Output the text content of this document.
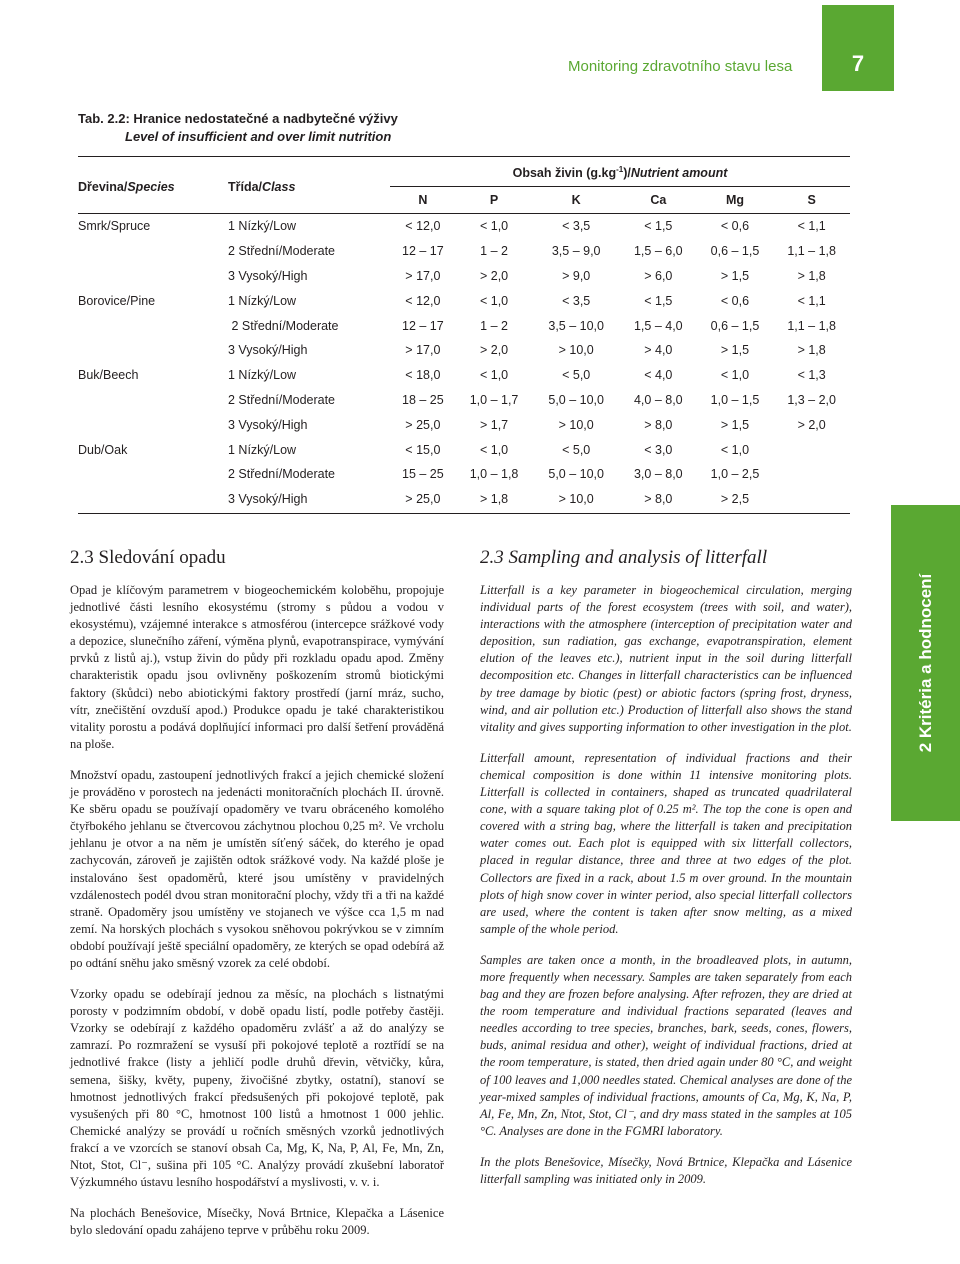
Monitoring zdravotního stavu lesa	7
Tab. 2.2: Hranice nedostatečné a nadbytečné výživy
Level of insufficient and over limit nutrition
Dřevina/Species	Třída/Class	Obsah živin $(g.kg^{-1})$/Nutrient amount					
		N	P	K	Ca	Mg	S
Smrk/Spruce	1 Nízký/Low	< 12,0	< 1,0	< 3,5	< 1,5	< 0,6	< 1,1
	2 Střední/Moderate	12 – 17	1 – 2	3,5 – 9,0	1,5 – 6,0	0,6 – 1,5	1,1 – 1,8
	3 Vysoký/High	> 17,0	> 2,0	> 9,0	> 6,0	> 1,5	> 1,8
Borovice/Pine	1 Nízký/Low	< 12,0	< 1,0	< 3,5	< 1,5	< 0,6	< 1,1
	2 Střední/Moderate	12 – 17	1 – 2	3,5 – 10,0	1,5 – 4,0	0,6 – 1,5	1,1 – 1,8
	3 Vysoký/High	> 17,0	> 2,0	> 10,0	> 4,0	> 1,5	> 1,8
Buk/Beech	1 Nízký/Low	< 18,0	< 1,0	< 5,0	< 4,0	< 1,0	< 1,3
	2 Střední/Moderate	18 – 25	1,0 – 1,7	5,0 – 10,0	4,0 – 8,0	1,0 – 1,5	1,3 – 2,0
	3 Vysoký/High	> 25,0	> 1,7	> 10,0	> 8,0	> 1,5	> 2,0
Dub/Oak	1 Nízký/Low	< 15,0	< 1,0	< 5,0	< 3,0	< 1,0	
	2 Střední/Moderate	15 – 25	1,0 – 1,8	5,0 – 10,0	3,0 – 8,0	1,0 – 2,5	
	3 Vysoký/High	> 25,0	> 1,8	> 10,0	> 8,0	> 2,5	
2 Kritéria a hodnocení
2.3 Sledování opadu

Opad je klíčovým parametrem v biogeochemickém koloběhu, propojuje jednotlivé části lesního ekosystému (stromy s půdou a vodou v ekosystému), vzájemné interakce s atmosférou (intercepce srážkové vody a depozice, slunečního záření, výměna plynů, evapotranspirace, vymývání prvků z listů aj.), vstup živin do půdy při rozkladu opadu apod. Změny charakteristik opadu jsou ovlivněny poškozením stromů biotickými faktory (škůdci) nebo abiotickými faktory prostředí (jarní mráz, sucho, vítr, znečištění ovzduší apod.) Produkce opadu je také charakteristikou vitality porostu a podává doplňující informaci pro další šetření prováděná na ploše.

Množství opadu, zastoupení jednotlivých frakcí a jejich chemické složení je prováděno v porostech na jedenácti monitoračních plochách II. úrovně. Ke sběru opadu se používají opadoměry ve tvaru obráceného komolého čtyřbokého jehlanu se čtvercovou záchytnou plochou 0,25 m². Ve vrcholu jehlanu je otvor a na něm je umístěn síťený sáček, do kterého je opad zachycován, zároveň je zajištěn odtok srážkové vody. Na každé ploše je instalováno šest opadoměrů, které jsou umístěny v pravidelných vzdálenostech podél dvou stran monitorační plochy, vždy tři a tři na každé straně. Opadoměry jsou umístěny ve stojanech ve výšce cca 1,5 m nad zemí. Na horských plochách s vysokou sněhovou pokrývkou se v zimním období používají ještě speciální opadoměry, ze kterých se opad odebírá až po odtání sněhu jako směsný vzorek za celé období.

Vzorky opadu se odebírají jednou za měsíc, na plochách s listnatými porosty v podzimním období, v době opadu listí, podle potřeby častěji. Vzorky se odebírají z každého opadoměru zvlášť a až do analýzy se zamrazí. Po rozmražení se vysuší při pokojové teplotě a roztřídí se na jednotlivé frakce (listy a jehličí podle druhů dřevin, větvičky, kůra, semena, šišky, květy, pupeny, živočišné zbytky, ostatní), stanoví se hmotnost jednotlivých frakcí předsušených při pokojové teplotě, pak vysušených při 80 °C, hmotnost 100 listů a hmotnost 1 000 jehlic. Chemické analýzy se provádí u ročních směsných vzorků jednotlivých frakcí a ve vzorcích se stanoví obsah Ca, Mg, K, Na, P, Al, Fe, Mn, Zn, Ntot, Stot, Cl⁻, sušina při 105 °C. Analýzy provádí zkušební laboratoř Výzkumného ústavu lesního hospodářství a myslivosti, v. v. i.

Na plochách Benešovice, Mísečky, Nová Brtnice, Klepačka a Lásenice bylo sledování opadu zahájeno teprve v průběhu roku 2009.

2.3 Sampling and analysis of litterfall

Litterfall is a key parameter in biogeochemical circulation, merging individual parts of the forest ecosystem (trees with soil, and water), interactions with the atmosphere (interception of precipitation water and deposition, sun radiation, gas exchange, evapotranspiration, element elution of the leaves etc.), nutrient input in the soil during litterfall decomposition etc. Changes in litterfall characteristics can be influenced by tree damage by biotic (pest) or abiotic factors (spring frost, dryness, wind, and air pollution etc.) Production of litterfall also shows the stand vitality and gives supporting information to other investigation in the plot.

Litterfall amount, representation of individual fractions and their chemical composition is done within 11 intensive monitoring plots. Litterfall is collected in containers, shaped as truncated quadrilateral cone, with a square taking plot of 0.25 m². The top the cone is open and covered with a string bag, where the litterfall is taken and precipitation water comes out. Each plot is equipped with six litterfall collectors, placed in regular distance, three and three at two edges of the plot. Collectors are fixed in a rack, about 1.5 m over ground. In the mountain plots of high snow cover in winter period, also special litterfall collectors are used, where the content is taken after snow melting, as a mixed sample of the whole period.

Samples are taken once a month, in the broadleaved plots, in autumn, more frequently when necessary. Samples are taken separately from each bag and they are frozen before analysing. After refrozen, they are dried at the room temperature and individual fractions separated (leaves and needles according to tree species, branches, bark, seeds, cones, flowers, buds, animal residua and other), weight of individual fractions, dried at the room temperature, is stated, then dried again under 80 °C, and weight of 100 leaves and 1,000 needles stated. Chemical analyses are done of the year-mixed samples of individual fractions, amounts of Ca, Mg, K, Na, P, Al, Fe, Mn, Zn, Ntot, Stot, Cl⁻, and dry mass stated in the samples at 105 °C. Analyses are done in the FGMRI laboratory.

In the plots Benešovice, Mísečky, Nová Brtnice, Klepačka and Lásenice litterfall sampling was initiated only in 2009.
